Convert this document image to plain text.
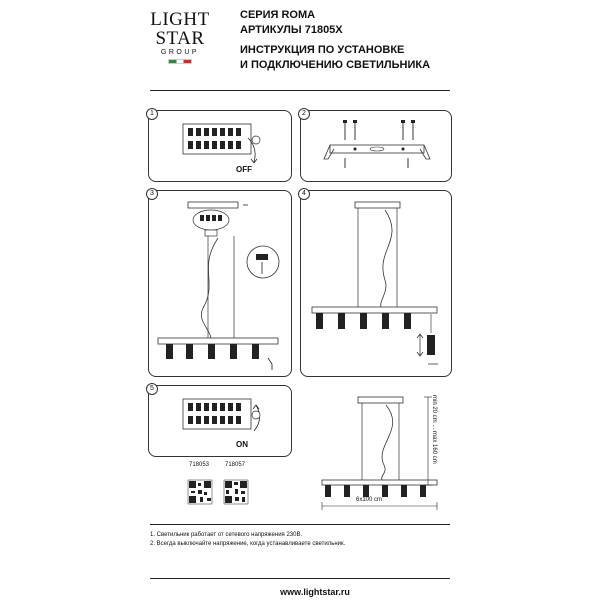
LIGHT
STAR
GROUP
СЕРИЯ ROMA
АРТИКУЛЫ 71805X
ИНСТРУКЦИЯ ПО УСТАНОВКЕ
И ПОДКЛЮЧЕНИЮ СВЕТИЛЬНИКА
1
OFF
2
3	4
5
ON	min 20 cm ... max 160 cm
6x100 cm
718053	718057
1. Светильник работает от сетевого напряжения 230В.
2. Всегда выключайте напряжение, когда устанавливаете светильник.
www.lightstar.ru
